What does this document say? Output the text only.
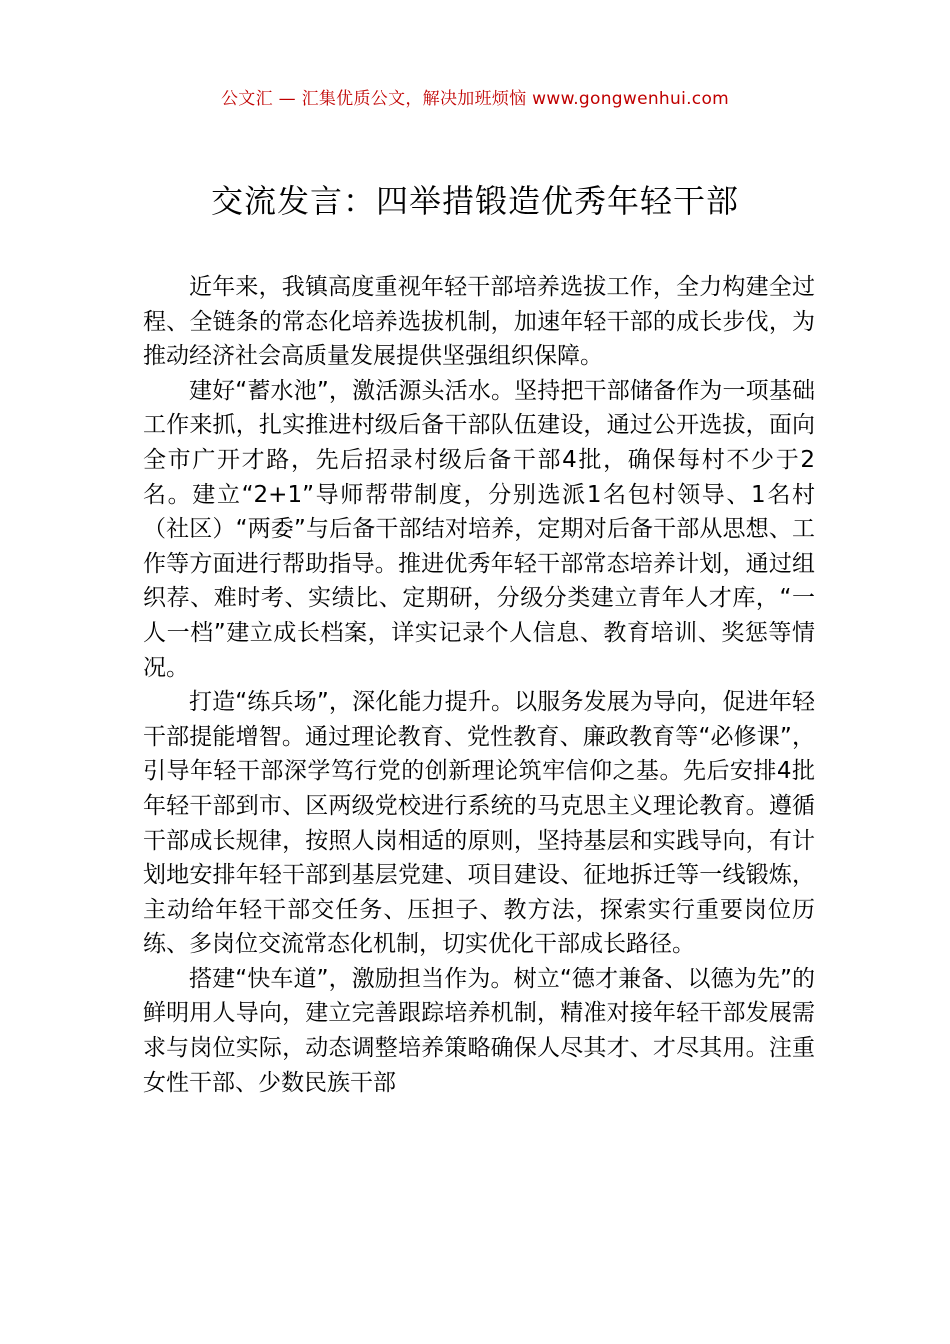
公文汇 — 汇集优质公文，解决加班烦恼 www.gongwenhui.com
交流发言：四举措锻造优秀年轻干部

近年来，我镇高度重视年轻干部培养选拔工作，全力构建全过程、全链条的常态化培养选拔机制，加速年轻干部的成长步伐，为推动经济社会高质量发展提供坚强组织保障。

建好“蓄水池”，激活源头活水。坚持把干部储备作为一项基础工作来抓，扎实推进村级后备干部队伍建设，通过公开选拔，面向全市广开才路，先后招录村级后备干部4批，确保每村不少于2名。建立“2+1”导师帮带制度，分别选派1名包村领导、1名村（社区）“两委”与后备干部结对培养，定期对后备干部从思想、工作等方面进行帮助指导。推进优秀年轻干部常态培养计划，通过组织荐、难时考、实绩比、定期研，分级分类建立青年人才库，“一人一档”建立成长档案，详实记录个人信息、教育培训、奖惩等情况。

打造“练兵场”，深化能力提升。以服务发展为导向，促进年轻干部提能增智。通过理论教育、党性教育、廉政教育等“必修课”，引导年轻干部深学笃行党的创新理论筑牢信仰之基。先后安排4批年轻干部到市、区两级党校进行系统的马克思主义理论教育。遵循干部成长规律，按照人岗相适的原则，坚持基层和实践导向，有计划地安排年轻干部到基层党建、项目建设、征地拆迁等一线锻炼，主动给年轻干部交任务、压担子、教方法，探索实行重要岗位历练、多岗位交流常态化机制，切实优化干部成长路径。

搭建“快车道”，激励担当作为。树立“德才兼备、以德为先”的鲜明用人导向，建立完善跟踪培养机制，精准对接年轻干部发展需求与岗位实际，动态调整培养策略确保人尽其才、才尽其用。注重女性干部、少数民族干部
